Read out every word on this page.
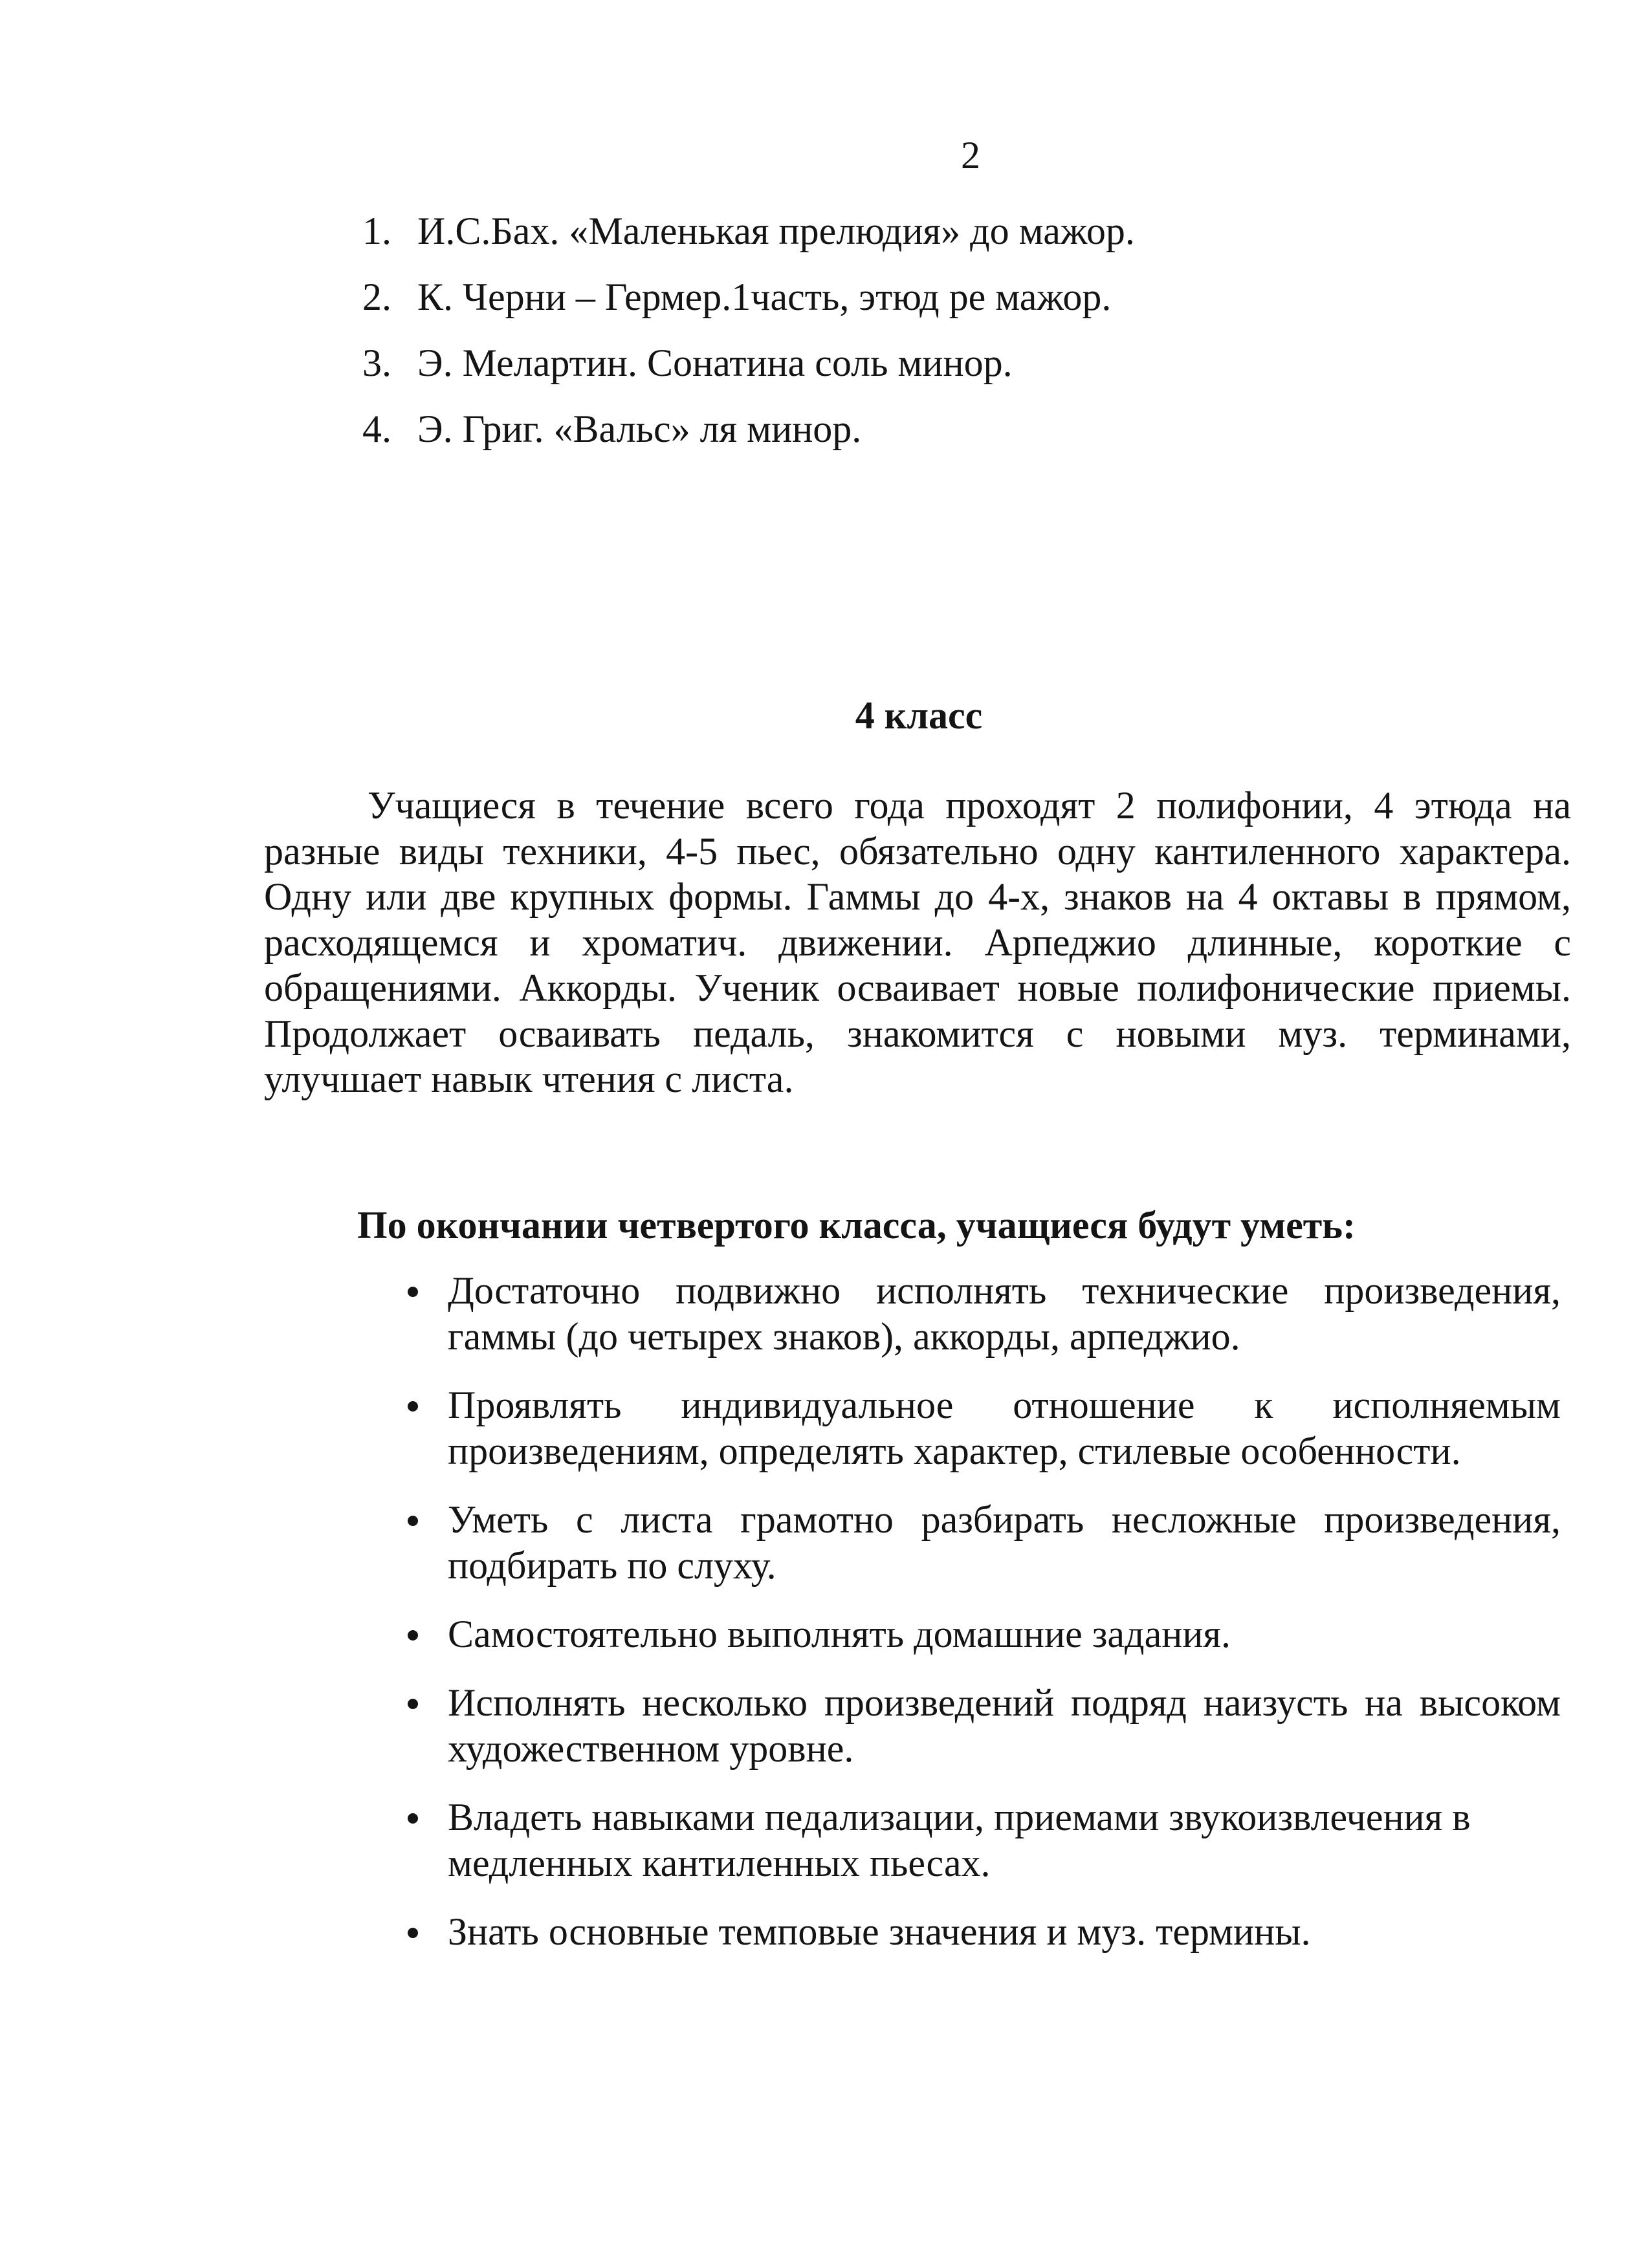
2
1. И.С.Бах. «Маленькая прелюдия» до мажор.
2. К. Черни – Гермер.1часть, этюд ре мажор.
3. Э. Мелартин. Сонатина соль минор.
4. Э. Григ. «Вальс» ля минор.
4 класс

Учащиеся в течение всего года проходят 2 полифонии, 4 этюда на разные виды техники, 4-5 пьес, обязательно одну кантиленного характера. Одну или две крупных формы. Гаммы до 4-х, знаков на 4 октавы в прямом, расходящемся и хроматич. движении. Арпеджио длинные, короткие с обращениями. Аккорды. Ученик осваивает новые полифонические приемы. Продолжает осваивать педаль, знакомится с новыми муз. терминами, улучшает навык чтения с листа.

По окончании четвертого класса, учащиеся будут уметь:
Достаточно подвижно исполнять технические произведения, гаммы (до четырех знаков), аккорды, арпеджио.
Проявлять индивидуальное отношение к исполняемым произведениям, определять характер, стилевые особенности.
Уметь с листа грамотно разбирать несложные произведения, подбирать по слуху.
Самостоятельно выполнять домашние задания.
Исполнять несколько произведений подряд наизусть на высоком художественном уровне.
Владеть навыками педализации, приемами звукоизвлечения в медленных кантиленных пьесах.
Знать основные темповые значения и муз. термины.
